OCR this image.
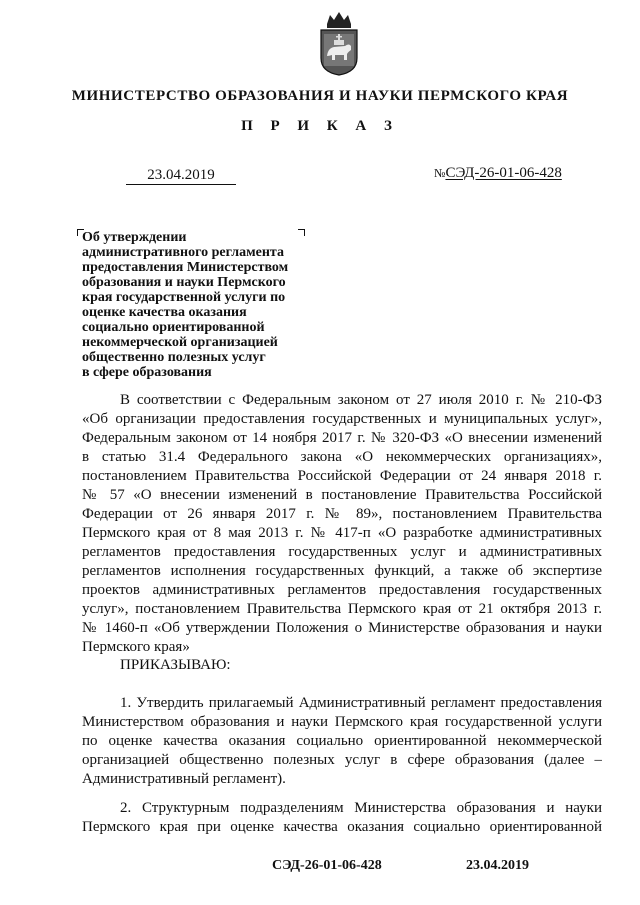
МИНИСТЕРСТВО ОБРАЗОВАНИЯ И НАУКИ ПЕРМСКОГО КРАЯ
П Р И К А З
23.04.2019	№СЭД-26-01-06-428
Об утверждении
административного регламента
предоставления Министерством
образования и науки Пермского
края государственной услуги по
оценке качества оказания
социально ориентированной
некоммерческой организацией
общественно полезных услуг
в сфере образования
В соответствии с Федеральным законом от 27 июля 2010 г. № 210-ФЗ
«Об организации предоставления государственных и муниципальных услуг»,
Федеральным законом от 14 ноября 2017 г. № 320-ФЗ «О внесении изменений
в статью 31.4 Федерального закона «О некоммерческих организациях»,
постановлением Правительства Российской Федерации от 24 января 2018 г.
№ 57 «О внесении изменений в постановление Правительства Российской
Федерации от 26 января 2017 г. № 89», постановлением Правительства
Пермского края от 8 мая 2013 г. № 417-п «О разработке административных
регламентов предоставления государственных услуг и административных
регламентов исполнения государственных функций, а также об экспертизе
проектов административных регламентов предоставления государственных
услуг», постановлением Правительства Пермского края от 21 октября 2013 г.
№ 1460-п «Об утверждении Положения о Министерстве образования и науки
Пермского края»
ПРИКАЗЫВАЮ:
1. Утвердить прилагаемый Административный регламент предоставления
Министерством образования и науки Пермского края государственной услуги
по оценке качества оказания социально ориентированной некоммерческой
организацией общественно полезных услуг в сфере образования (далее –
Административный регламент).
2. Структурным подразделениям Министерства образования и науки
Пермского края при оценке качества оказания социально ориентированной
СЭД-26-01-06-428	23.04.2019
